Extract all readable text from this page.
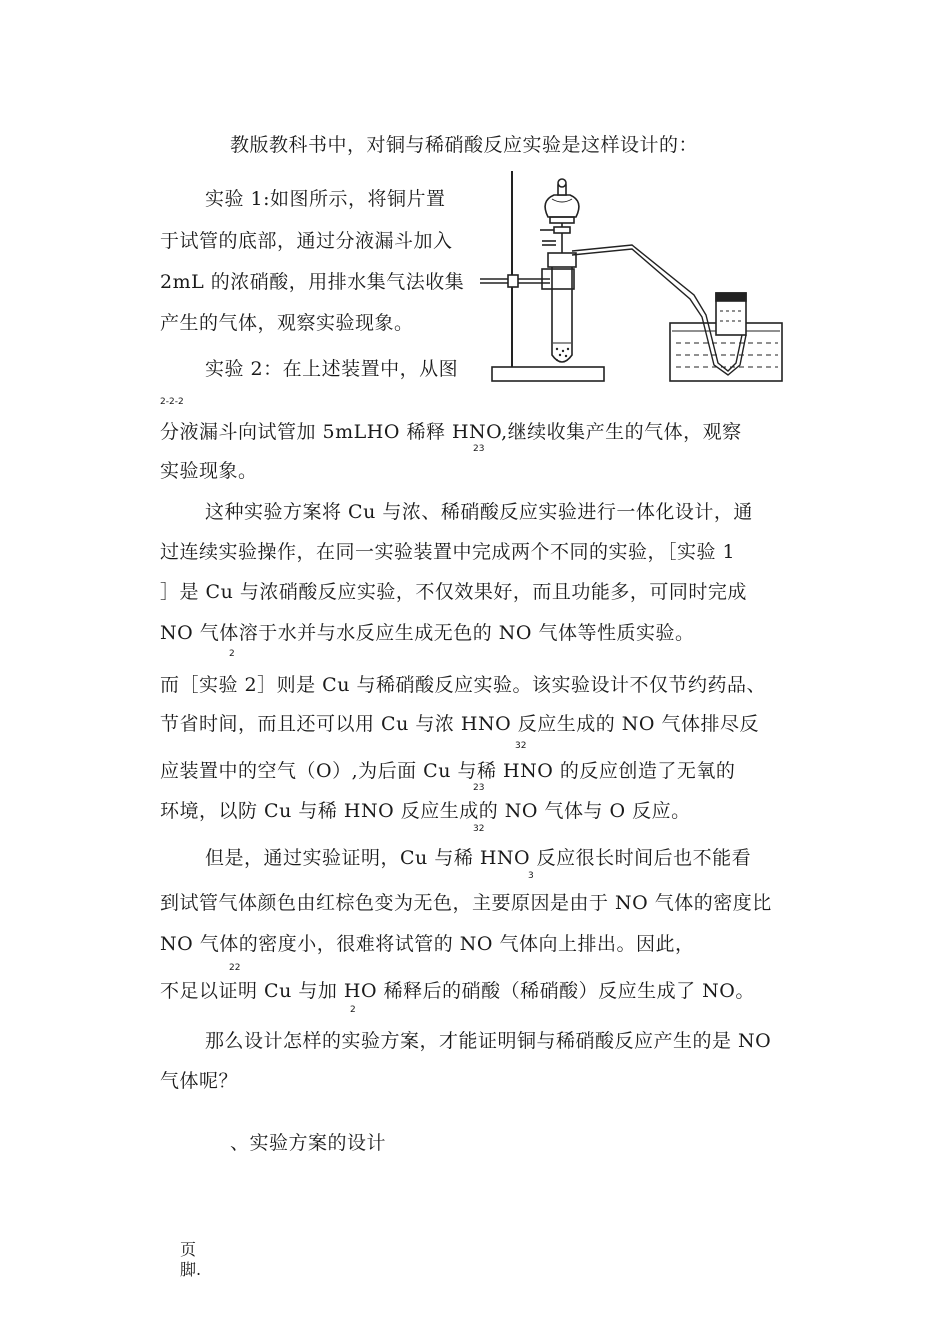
教版教科书中，对铜与稀硝酸反应实验是这样设计的：
实验 1:如图所示，将铜片置
于试管的底部，通过分液漏斗加入
2mL 的浓硝酸，用排水集气法收集
产生的气体，观察实验现象。
实验 2：在上述装置中，从图
2-2-2
分液漏斗向试管加 5mLHO 稀释 HNO,继续收集产生的气体，观察
23
实验现象。
这种实验方案将 Cu 与浓、稀硝酸反应实验进行一体化设计，通
过连续实验操作，在同一实验装置中完成两个不同的实验，［实验 1
］是 Cu 与浓硝酸反应实验，不仅效果好，而且功能多，可同时完成
NO 气体溶于水并与水反应生成无色的 NO 气体等性质实验。
2
而［实验 2］则是 Cu 与稀硝酸反应实验。该实验设计不仅节约药品、
节省时间，而且还可以用 Cu 与浓 HNO 反应生成的 NO 气体排尽反
32
应装置中的空气（O）,为后面 Cu 与稀 HNO 的反应创造了无氧的
23
环境，以防 Cu 与稀 HNO 反应生成的 NO 气体与 O 反应。
32
但是，通过实验证明，Cu 与稀 HNO 反应很长时间后也不能看
3
到试管气体颜色由红棕色变为无色，主要原因是由于 NO 气体的密度比
NO 气体的密度小，很难将试管的 NO 气体向上排出。因此，
22
不足以证明 Cu 与加 HO 稀释后的硝酸（稀硝酸）反应生成了 NO。
2
那么设计怎样的实验方案，才能证明铜与稀硝酸反应产生的是 NO
气体呢？
、实验方案的设计
页
脚.
